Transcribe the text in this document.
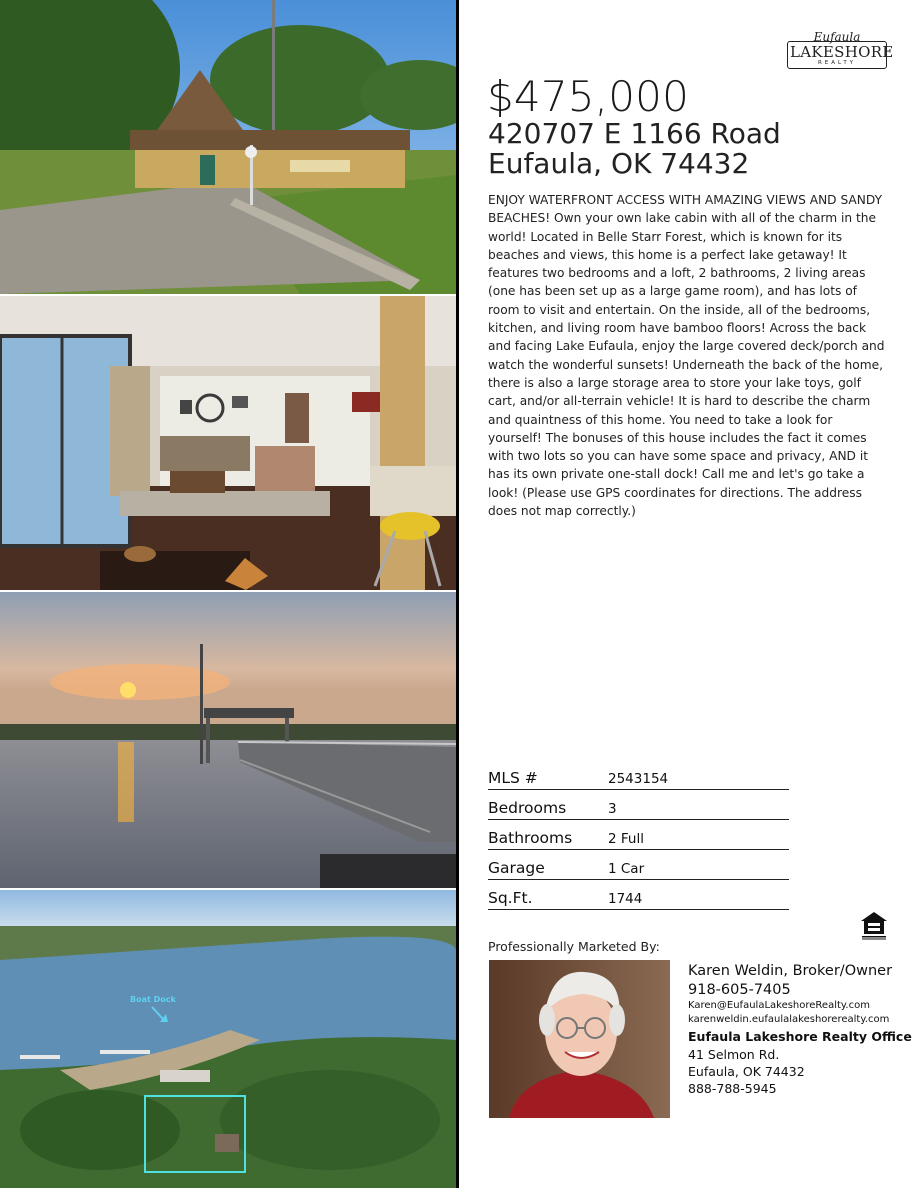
Boat Dock
Eufaula
LAKESHORE
REALTY
$475,000
420707 E 1166 Road
Eufaula, OK 74432
ENJOY WATERFRONT ACCESS WITH AMAZING VIEWS AND SANDY BEACHES! Own your own lake cabin with all of the charm in the world! Located in Belle Starr Forest, which is known for its beaches and views, this home is a perfect lake getaway! It features two bedrooms and a loft, 2 bathrooms, 2 living areas (one has been set up as a large game room), and has lots of room to visit and entertain. On the inside, all of the bedrooms, kitchen, and living room have bamboo floors! Across the back and facing Lake Eufaula, enjoy the large covered deck/porch and watch the wonderful sunsets! Underneath the back of the home, there is also a large storage area to store your lake toys, golf cart, and/or all-terrain vehicle! It is hard to describe the charm and quaintness of this home. You need to take a look for yourself! The bonuses of this house includes the fact it comes with two lots so you can have some space and privacy, AND it has its own private one-stall dock! Call me and let's go take a look! (Please use GPS coordinates for directions. The address does not map correctly.)
MLS #	2543154
Bedrooms	3
Bathrooms	2 Full
Garage	1 Car
Sq.Ft.	1744
Professionally Marketed By:
Karen Weldin, Broker/Owner
918-605-7405
Karen@EufaulaLakeshoreRealty.com
karenweldin.eufaulalakeshorerealty.com
Eufaula Lakeshore Realty Office
41 Selmon Rd.
Eufaula, OK 74432
888-788-5945
